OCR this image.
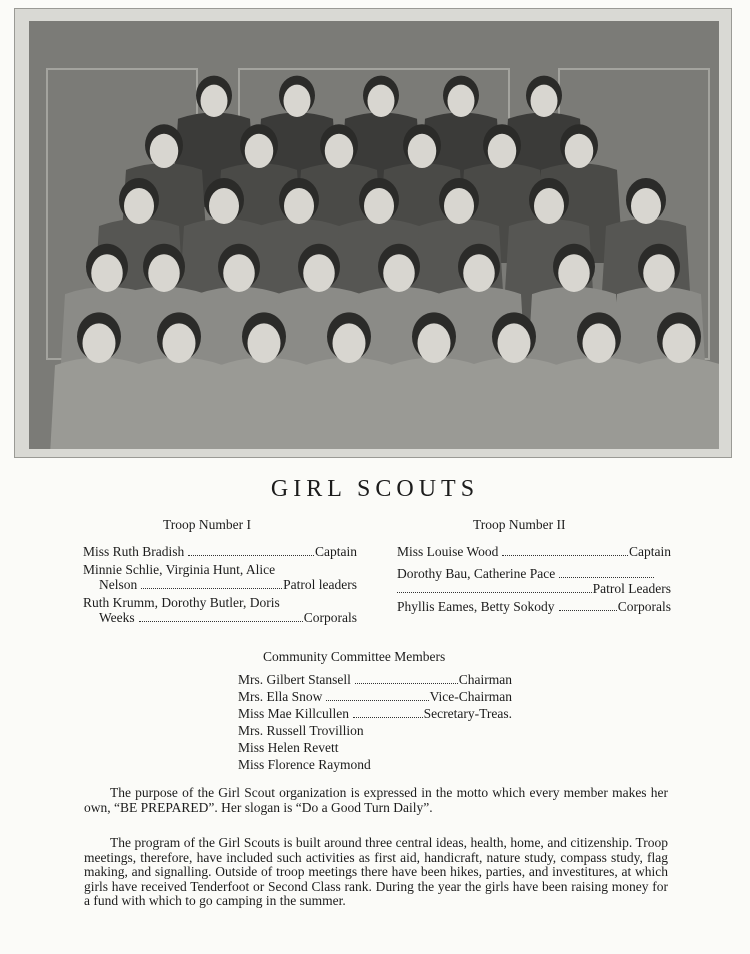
GIRL SCOUTS
Troop Number I	Troop Number II
Miss Ruth Bradish	Captain
Minnie Schlie, Virginia Hunt, Alice
Nelson	Patrol leaders
Ruth Krumm, Dorothy Butler, Doris
Weeks	Corporals
Miss Louise Wood	Captain
Dorothy Bau, Catherine Pace
Patrol Leaders
Phyllis Eames, Betty Sokody	Corporals
Community Committee Members
Mrs. Gilbert Stansell	Chairman
Mrs. Ella Snow	Vice-Chairman
Miss Mae Killcullen	Secretary-Treas.
Mrs. Russell Trovillion
Miss Helen Revett
Miss Florence Raymond

The purpose of the Girl Scout organization is expressed in the motto which every member makes her own, “BE PREPARED”. Her slogan is “Do a Good Turn Daily”.

The program of the Girl Scouts is built around three central ideas, health, home, and citizenship. Troop meetings, therefore, have included such activities as first aid, handicraft, nature study, compass study, flag making, and signalling. Outside of troop meetings there have been hikes, parties, and investitures, at which girls have received Tenderfoot or Second Class rank. During the year the girls have been raising money for a fund with which to go camping in the summer.
